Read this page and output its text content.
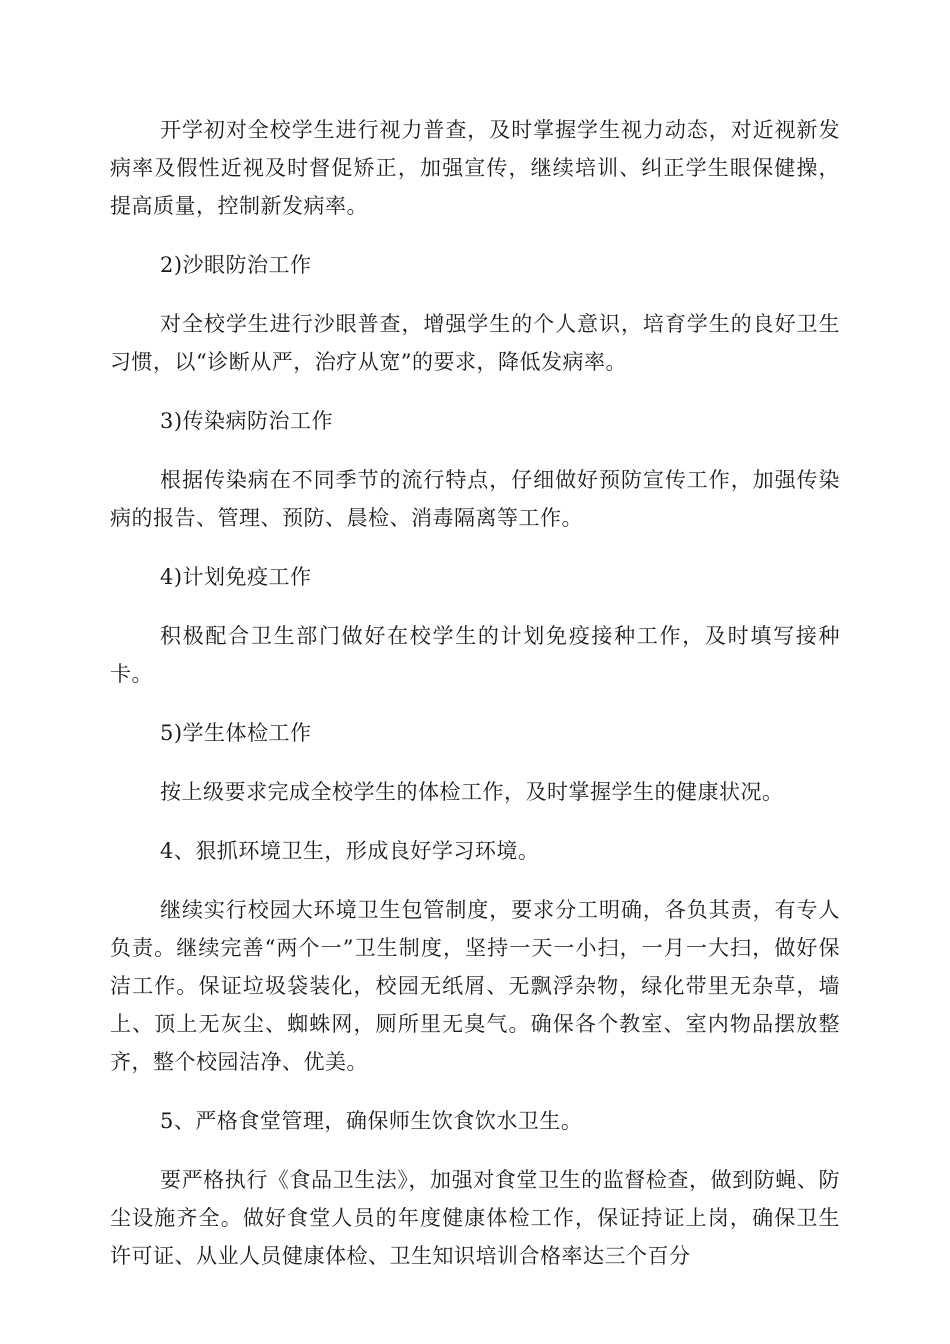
开学初对全校学生进行视力普查，及时掌握学生视力动态，对近视新发病率及假性近视及时督促矫正，加强宣传，继续培训、纠正学生眼保健操，提高质量，控制新发病率。

2)沙眼防治工作

对全校学生进行沙眼普查，增强学生的个人意识，培育学生的良好卫生习惯，以“诊断从严，治疗从宽”的要求，降低发病率。

3)传染病防治工作

根据传染病在不同季节的流行特点，仔细做好预防宣传工作，加强传染病的报告、管理、预防、晨检、消毒隔离等工作。

4)计划免疫工作

积极配合卫生部门做好在校学生的计划免疫接种工作，及时填写接种卡。

5)学生体检工作

按上级要求完成全校学生的体检工作，及时掌握学生的健康状况。

4、狠抓环境卫生，形成良好学习环境。

继续实行校园大环境卫生包管制度，要求分工明确，各负其责，有专人负责。继续完善“两个一”卫生制度，坚持一天一小扫，一月一大扫，做好保洁工作。保证垃圾袋装化，校园无纸屑、无飘浮杂物，绿化带里无杂草，墙上、顶上无灰尘、蜘蛛网，厕所里无臭气。确保各个教室、室内物品摆放整齐，整个校园洁净、优美。

5、严格食堂管理，确保师生饮食饮水卫生。

要严格执行《食品卫生法》，加强对食堂卫生的监督检查，做到防蝇、防尘设施齐全。做好食堂人员的年度健康体检工作，保证持证上岗，确保卫生许可证、从业人员健康体检、卫生知识培训合格率达三个百分
